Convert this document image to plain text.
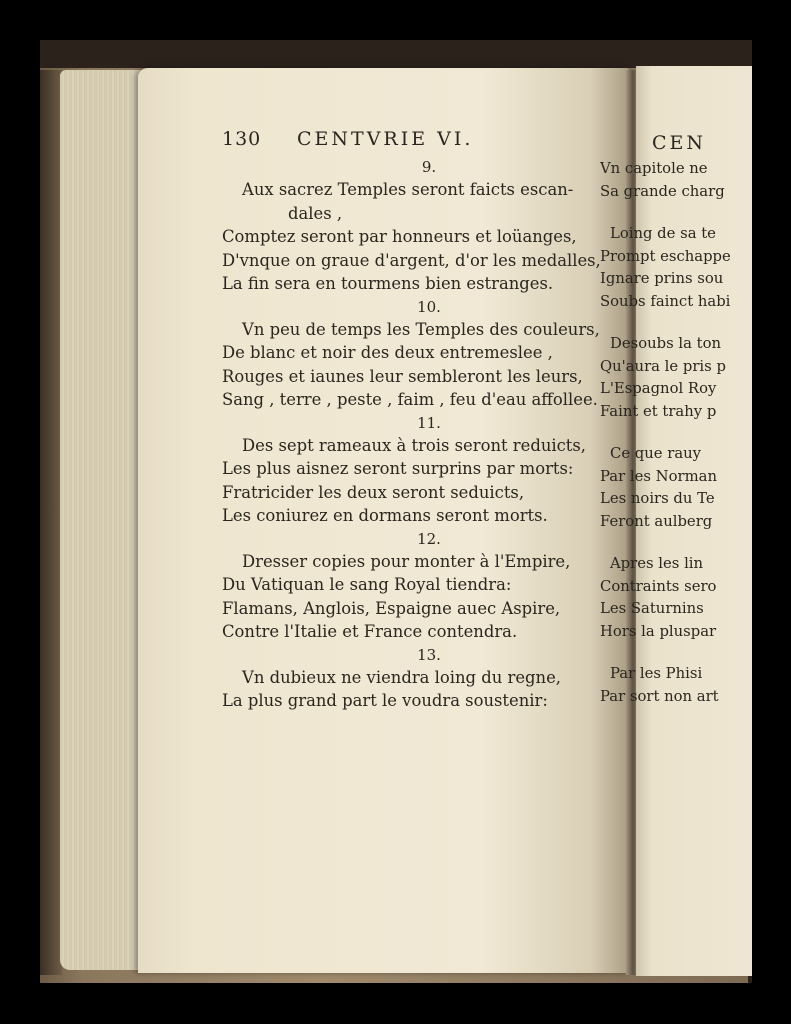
130 CENTVRIE VI.
9.
Aux sacrez Temples seront faicts escan-
dales ,
Comptez seront par honneurs et loüanges,
D'vnque on graue d'argent, d'or les medalles,
La fin sera en tourmens bien estranges.
10.
Vn peu de temps les Temples des couleurs,
De blanc et noir des deux entremeslee ,
Rouges et iaunes leur sembleront les leurs,
Sang , terre , peste , faim , feu d'eau affollee.
11.
Des sept rameaux à trois seront reduicts,
Les plus aisnez seront surprins par morts:
Fratricider les deux seront seduicts,
Les coniurez en dormans seront morts.
12.
Dresser copies pour monter à l'Empire,
Du Vatiquan le sang Royal tiendra:
Flamans, Anglois, Espaigne auec Aspire,
Contre l'Italie et France contendra.
13.
Vn dubieux ne viendra loing du regne,
La plus grand part le voudra soustenir:
CEN
Vn capitole ne
Sa grande charg
Loing de sa te
Prompt eschappe
Ignare prins sou
Soubs fainct habi
Desoubs la ton
Qu'aura le pris p
L'Espagnol Roy
Faint et trahy p
Ce que rauy
Par les Norman
Les noirs du Te
Feront aulberg
Apres les lin
Contraints sero
Les Saturnins
Hors la pluspar
Par les Phisi
Par sort non art
